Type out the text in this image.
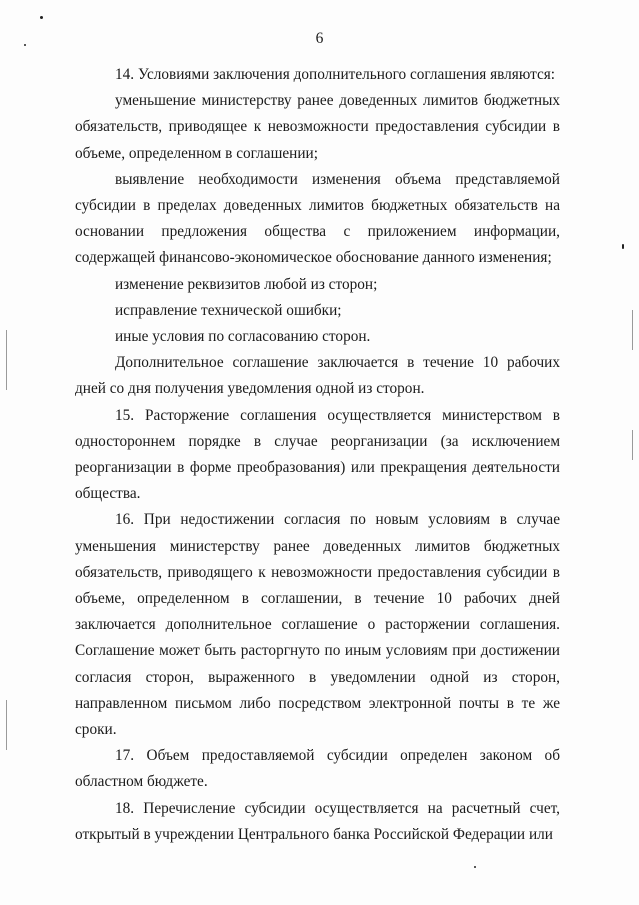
6

14. Условиями заключения дополнительного соглашения являются:

уменьшение министерству ранее доведенных лимитов бюджетных обязательств, приводящее к невозможности предоставления субсидии в объеме, определенном в соглашении;

выявление необходимости изменения объема представляемой субсидии в пределах доведенных лимитов бюджетных обязательств на основании предложения общества с приложением информации, содержащей финансово-экономическое обоснование данного изменения;

изменение реквизитов любой из сторон;

исправление технической ошибки;

иные условия по согласованию сторон.

Дополнительное соглашение заключается в течение 10 рабочих дней со дня получения уведомления одной из сторон.

15. Расторжение соглашения осуществляется министерством в одностороннем порядке в случае реорганизации (за исключением реорганизации в форме преобразования) или прекращения деятельности общества.

16. При недостижении согласия по новым условиям в случае уменьшения министерству ранее доведенных лимитов бюджетных обязательств, приводящего к невозможности предоставления субсидии в объеме, определенном в соглашении, в течение 10 рабочих дней заключается дополнительное соглашение о расторжении соглашения. Соглашение может быть расторгнуто по иным условиям при достижении согласия сторон, выраженного в уведомлении одной из сторон, направленном письмом либо посредством электронной почты в те же сроки.

17. Объем предоставляемой субсидии определен законом об областном бюджете.

18. Перечисление субсидии осуществляется на расчетный счет, открытый в учреждении Центрального банка Российской Федерации или
